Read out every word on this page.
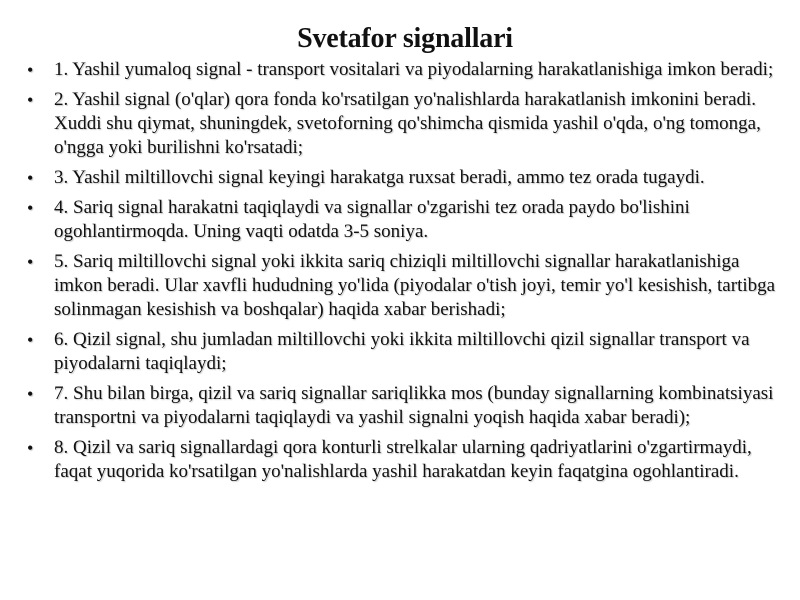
Svetafor signallari
• 1. Yashil yumaloq signal - transport vositalari va piyodalarning harakatlanishiga imkon beradi;
• 2. Yashil signal (o'qlar) qora fonda ko'rsatilgan yo'nalishlarda harakatlanish imkonini beradi. Xuddi shu qiymat, shuningdek, svetoforning qo'shimcha qismida yashil o'qda, o'ng tomonga, o'ngga yoki burilishni ko'rsatadi;
• 3. Yashil miltillovchi signal keyingi harakatga ruxsat beradi, ammo tez orada tugaydi.
• 4. Sariq signal harakatni taqiqlaydi va signallar o'zgarishi tez orada paydo bo'lishini ogohlantirmoqda. Uning vaqti odatda 3-5 soniya.
• 5. Sariq miltillovchi signal yoki ikkita sariq chiziqli miltillovchi signallar harakatlanishiga imkon beradi. Ular xavfli hududning yo'lida (piyodalar o'tish joyi, temir yo'l kesishish, tartibga solinmagan kesishish va boshqalar) haqida xabar berishadi;
• 6. Qizil signal, shu jumladan miltillovchi yoki ikkita miltillovchi qizil signallar transport va piyodalarni taqiqlaydi;
• 7. Shu bilan birga, qizil va sariq signallar sariqlikka mos (bunday signallarning kombinatsiyasi transportni va piyodalarni taqiqlaydi va yashil signalni yoqish haqida xabar beradi);
• 8. Qizil va sariq signallardagi qora konturli strelkalar ularning qadriyatlarini o'zgartirmaydi, faqat yuqorida ko'rsatilgan yo'nalishlarda yashil harakatdan keyin faqatgina ogohlantiradi.
